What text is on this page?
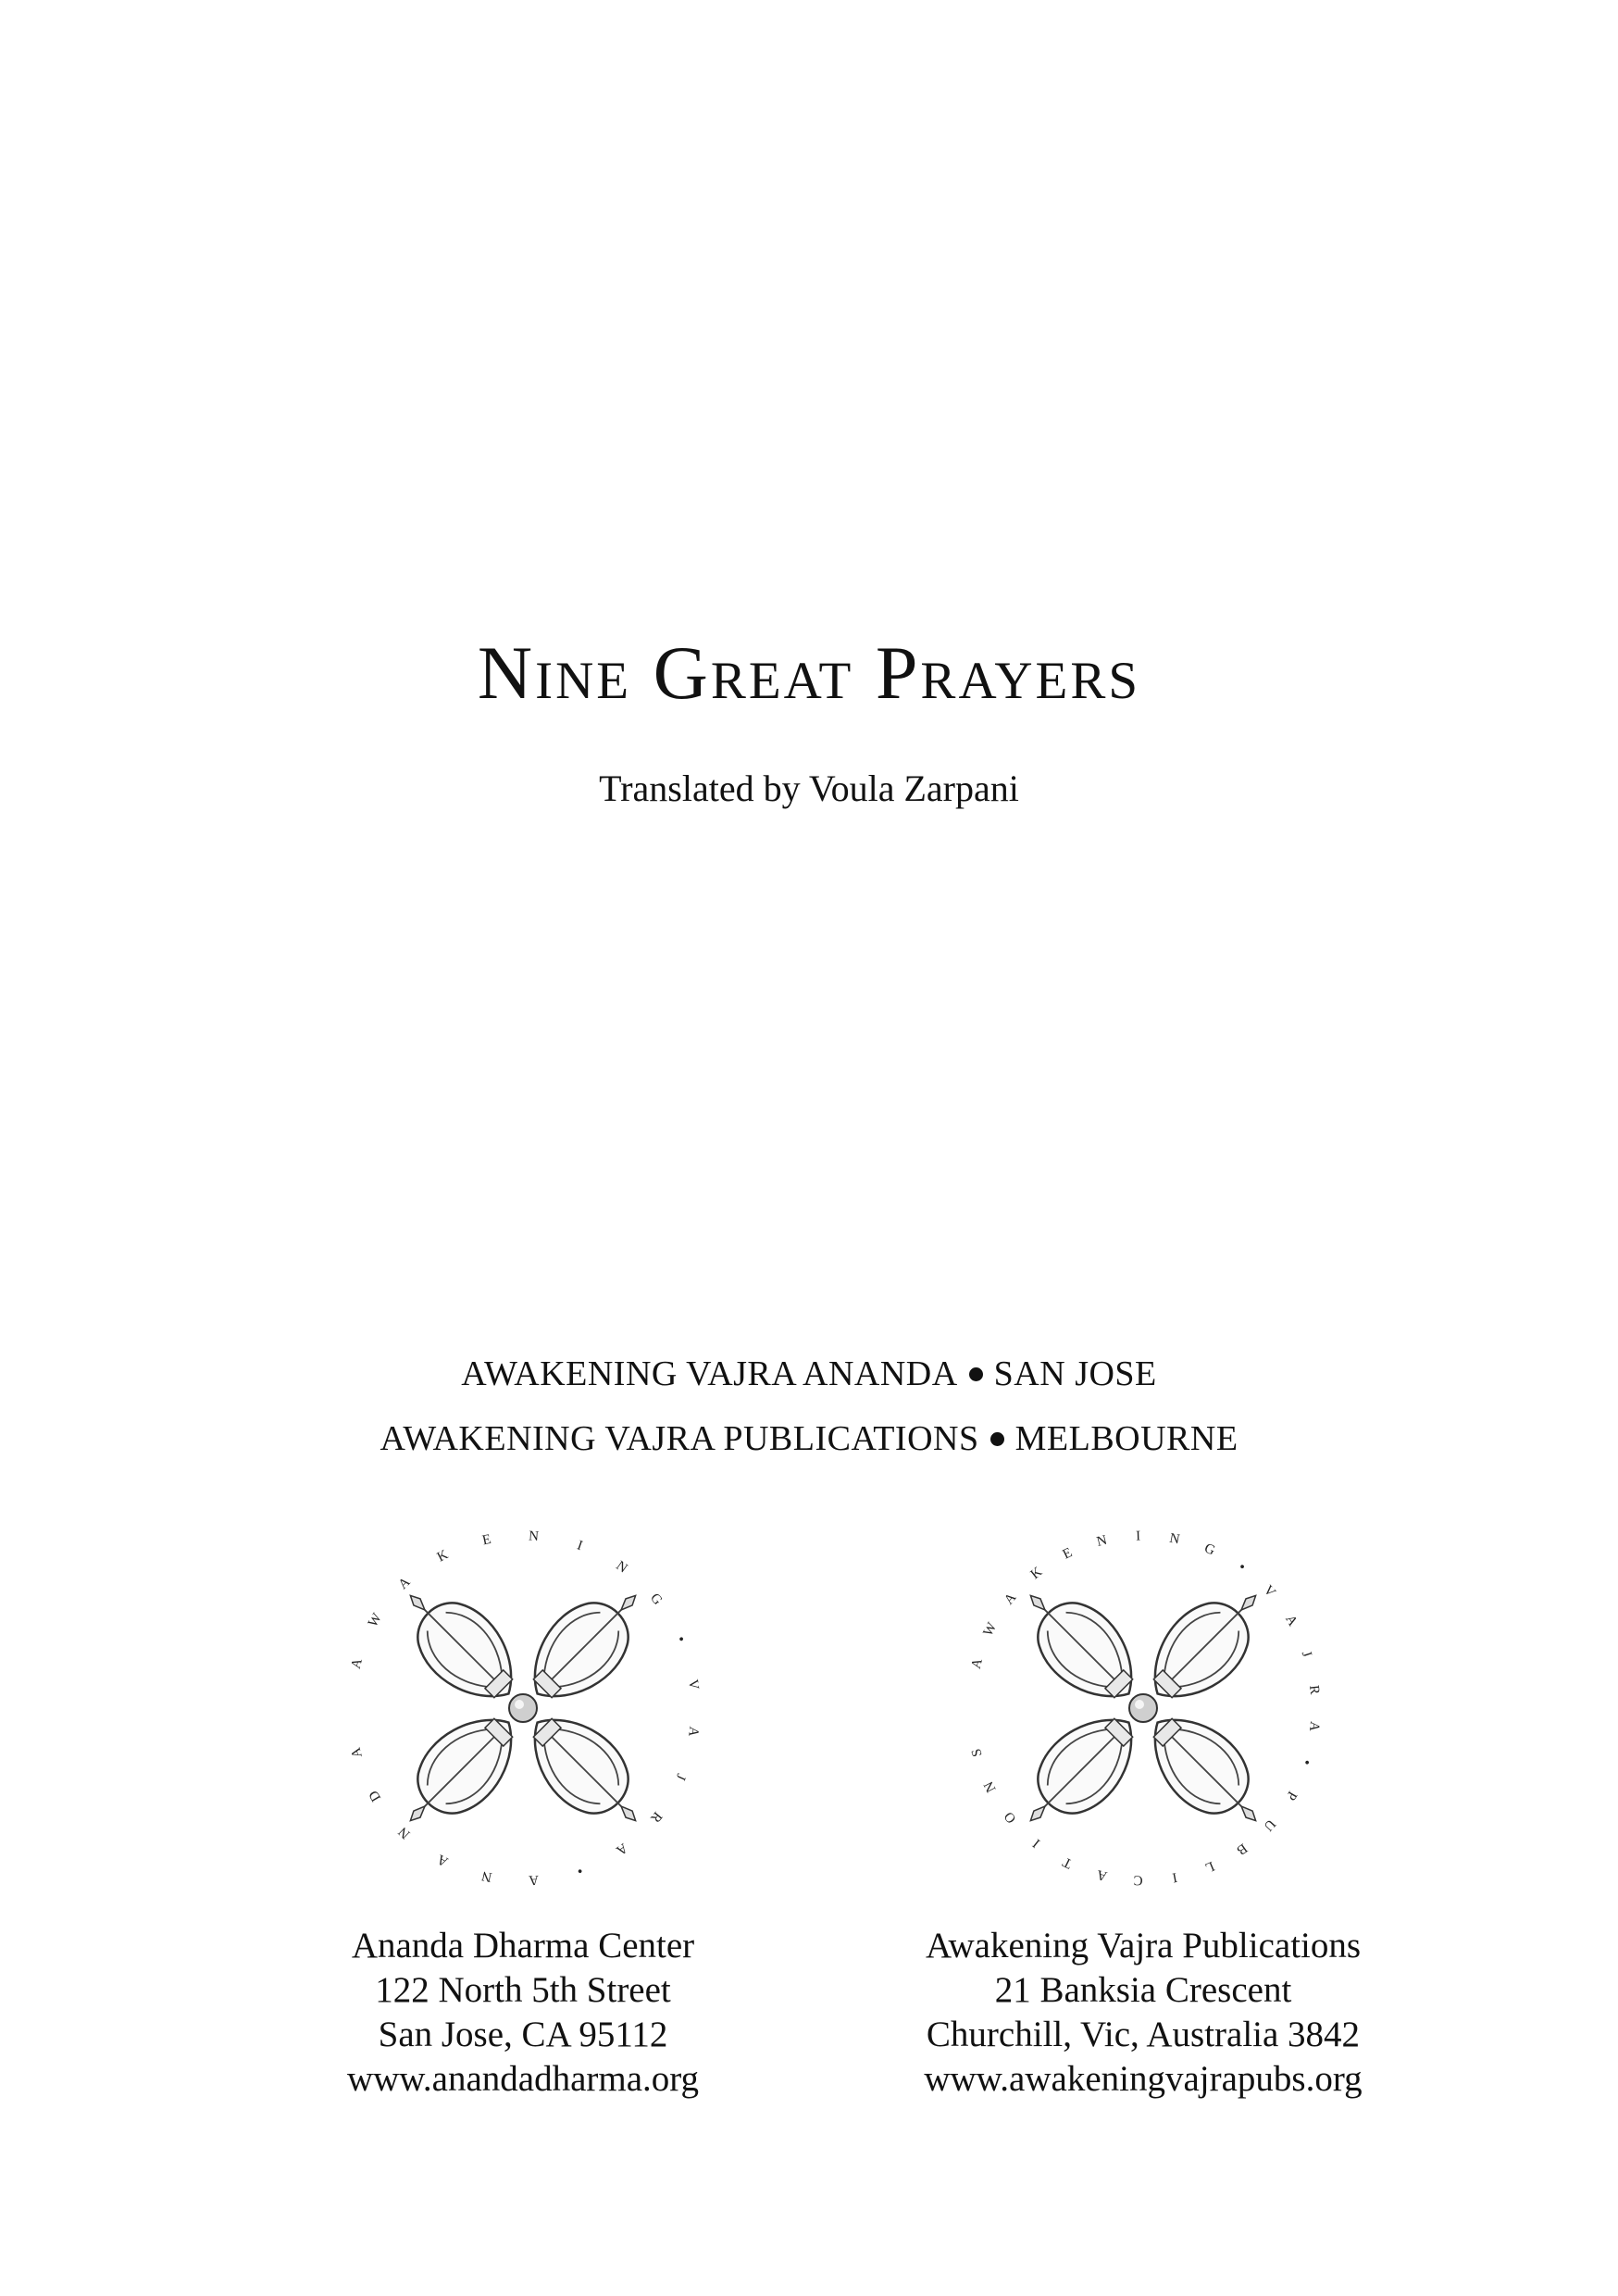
Nine Great Prayers
Translated by Voula Zarpani
AWAKENING VAJRA ANANDA SAN JOSE
AWAKENING VAJRA PUBLICATIONS MELBOURNE
A
W
A
K
E	N
I
N
G
•
V
A
J
R
A
•
A
N
A
N
D
A
A
W
A
K
E
N I N
G
•
V
A
J
R
A
•
P
U
B
L
I
C
A
T
I
O
N
S
Ananda Dharma Center
122 North 5th Street
San Jose, CA 95112
www.anandadharma.org
Awakening Vajra Publications
21 Banksia Crescent
Churchill, Vic, Australia 3842
www.awakeningvajrapubs.org
